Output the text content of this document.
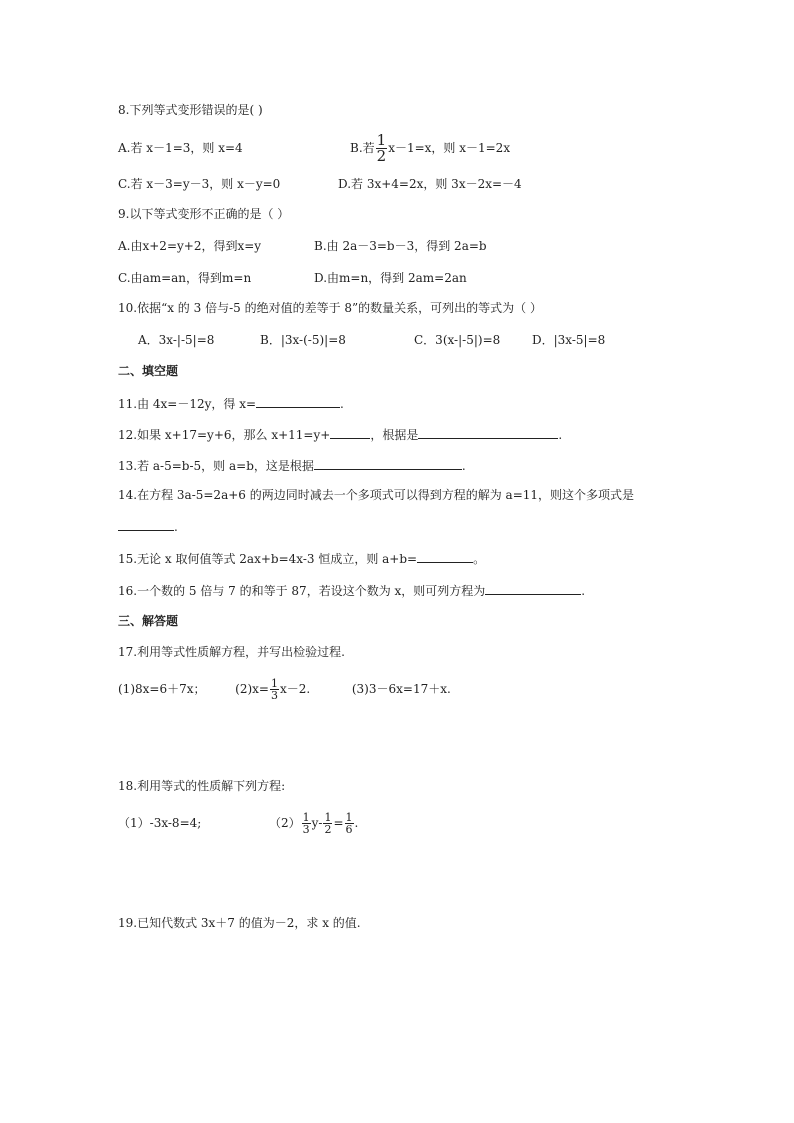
8.下列等式变形错误的是( )
A.若 x－1=3，则 x=4	B.若 $\frac{1}{2} x-1=x$，则 x－1=2x
C.若 x－3=y－3，则 x－y=0	D.若 3x+4=2x，则 3x－2x=－4
9.以下等式变形不正确的是（ ）
A.由x+2=y+2，得到x=y	B.由 2a－3=b－3，得到 2a=b
C.由am=an，得到m=n	D.由m=n，得到 2am=2an
10.依据“x 的 3 倍与-5 的绝对值的差等于 8”的数量关系，可列出的等式为（ ）
A．3x-|-5|=8	B．|3x-(-5)|=8	C．3(x-|-5|)=8	D．|3x-5|=8
二、填空题
11.由 4x=－12y，得 x=	.
12.如果 x+17=y+6，那么 x+11=y+	，根据是	.
13.若 a-5=b-5，则 a=b，这是根据	.
14.在方程 3a-5=2a+6 的两边同时减去一个多项式可以得到方程的解为 a=11，则这个多项式是
.
15.无论 x 取何值等式 2ax+b=4x-3 恒成立，则 a+b=	。
16.一个数的 5 倍与 7 的和等于 87，若设这个数为 x，则可列方程为	.
三、解答题
17.利用等式性质解方程，并写出检验过程.
(1)8x=6＋7x； $(2)x= \frac{1}{3} x-2$.	(3)3－6x=17＋x.
18.利用等式的性质解下列方程:
（1）-3x-8=4;	$(2) \frac{1}{3} y- \frac{1}{2} = \frac{1}{6}$ .
19.已知代数式 3x＋7 的值为－2，求 x 的值.
